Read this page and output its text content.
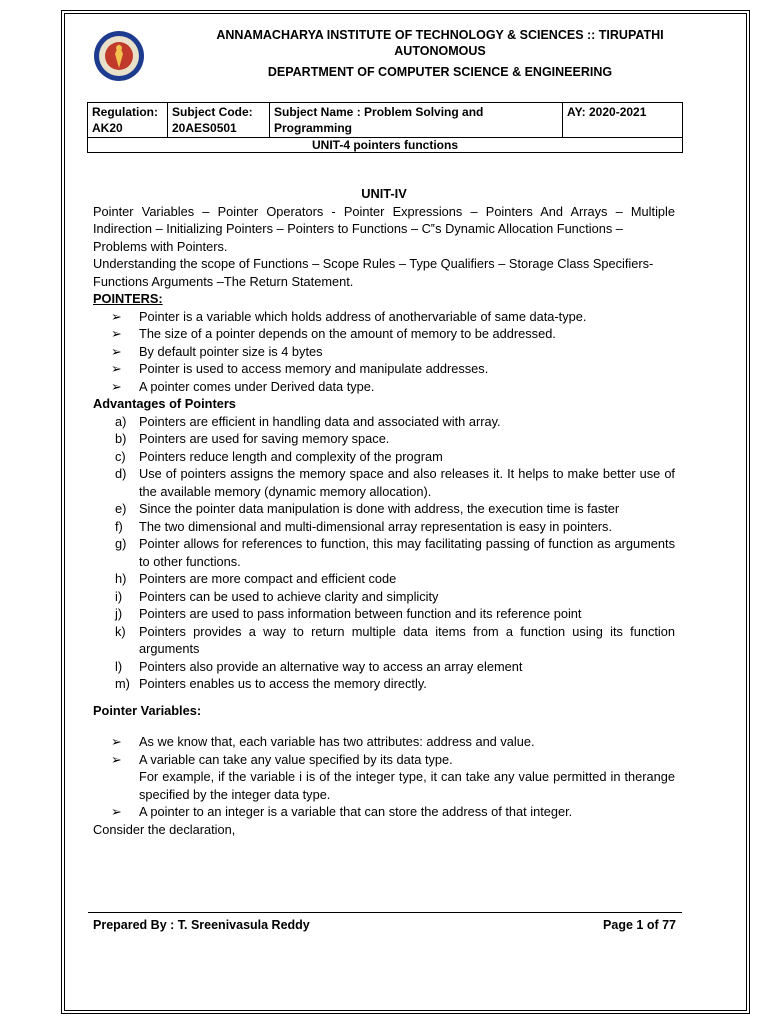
ANNAMACHARYA INSTITUTE OF TECHNOLOGY & SCIENCES :: TIRUPATHI
AUTONOMOUS
DEPARTMENT OF COMPUTER SCIENCE & ENGINEERING
Regulation: AK20	Subject Code: 20AES0501	Subject Name : Problem Solving and Programming	AY: 2020-2021
UNIT-4 pointers functions
UNIT-IV
Pointer Variables – Pointer Operators - Pointer Expressions – Pointers And Arrays – Multiple Indirection – Initializing Pointers – Pointers to Functions – C‟s Dynamic Allocation Functions –
Problems with Pointers.
Understanding the scope of Functions – Scope Rules – Type Qualifiers – Storage Class Specifiers-
Functions Arguments –The Return Statement.
POINTERS:
➢ Pointer is a variable which holds address of anothervariable of same data-type.
➢ The size of a pointer depends on the amount of memory to be addressed.
➢ By default pointer size is 4 bytes
➢ Pointer is used to access memory and manipulate addresses.
➢ A pointer comes under Derived data type.
Advantages of Pointers
a) Pointers are efficient in handling data and associated with array.
b) Pointers are used for saving memory space.
c) Pointers reduce length and complexity of the program
d) Use of pointers assigns the memory space and also releases it. It helps to make better use of the available memory (dynamic memory allocation).
e) Since the pointer data manipulation is done with address, the execution time is faster
f) The two dimensional and multi-dimensional array representation is easy in pointers.
g) Pointer allows for references to function, this may facilitating passing of function as arguments to other functions.
h) Pointers are more compact and efficient code
i) Pointers can be used to achieve clarity and simplicity
j) Pointers are used to pass information between function and its reference point
k) Pointers provides a way to return multiple data items from a function using its function arguments
l) Pointers also provide an alternative way to access an array element
m) Pointers enables us to access the memory directly.
Pointer Variables:
➢ As we know that, each variable has two attributes: address and value.
➢ A variable can take any value specified by its data type.
For example, if the variable i is of the integer type, it can take any value permitted in therange specified by the integer data type.
➢ A pointer to an integer is a variable that can store the address of that integer.
Consider the declaration,
Prepared By : T. Sreenivasula Reddy	Page 1 of 77
